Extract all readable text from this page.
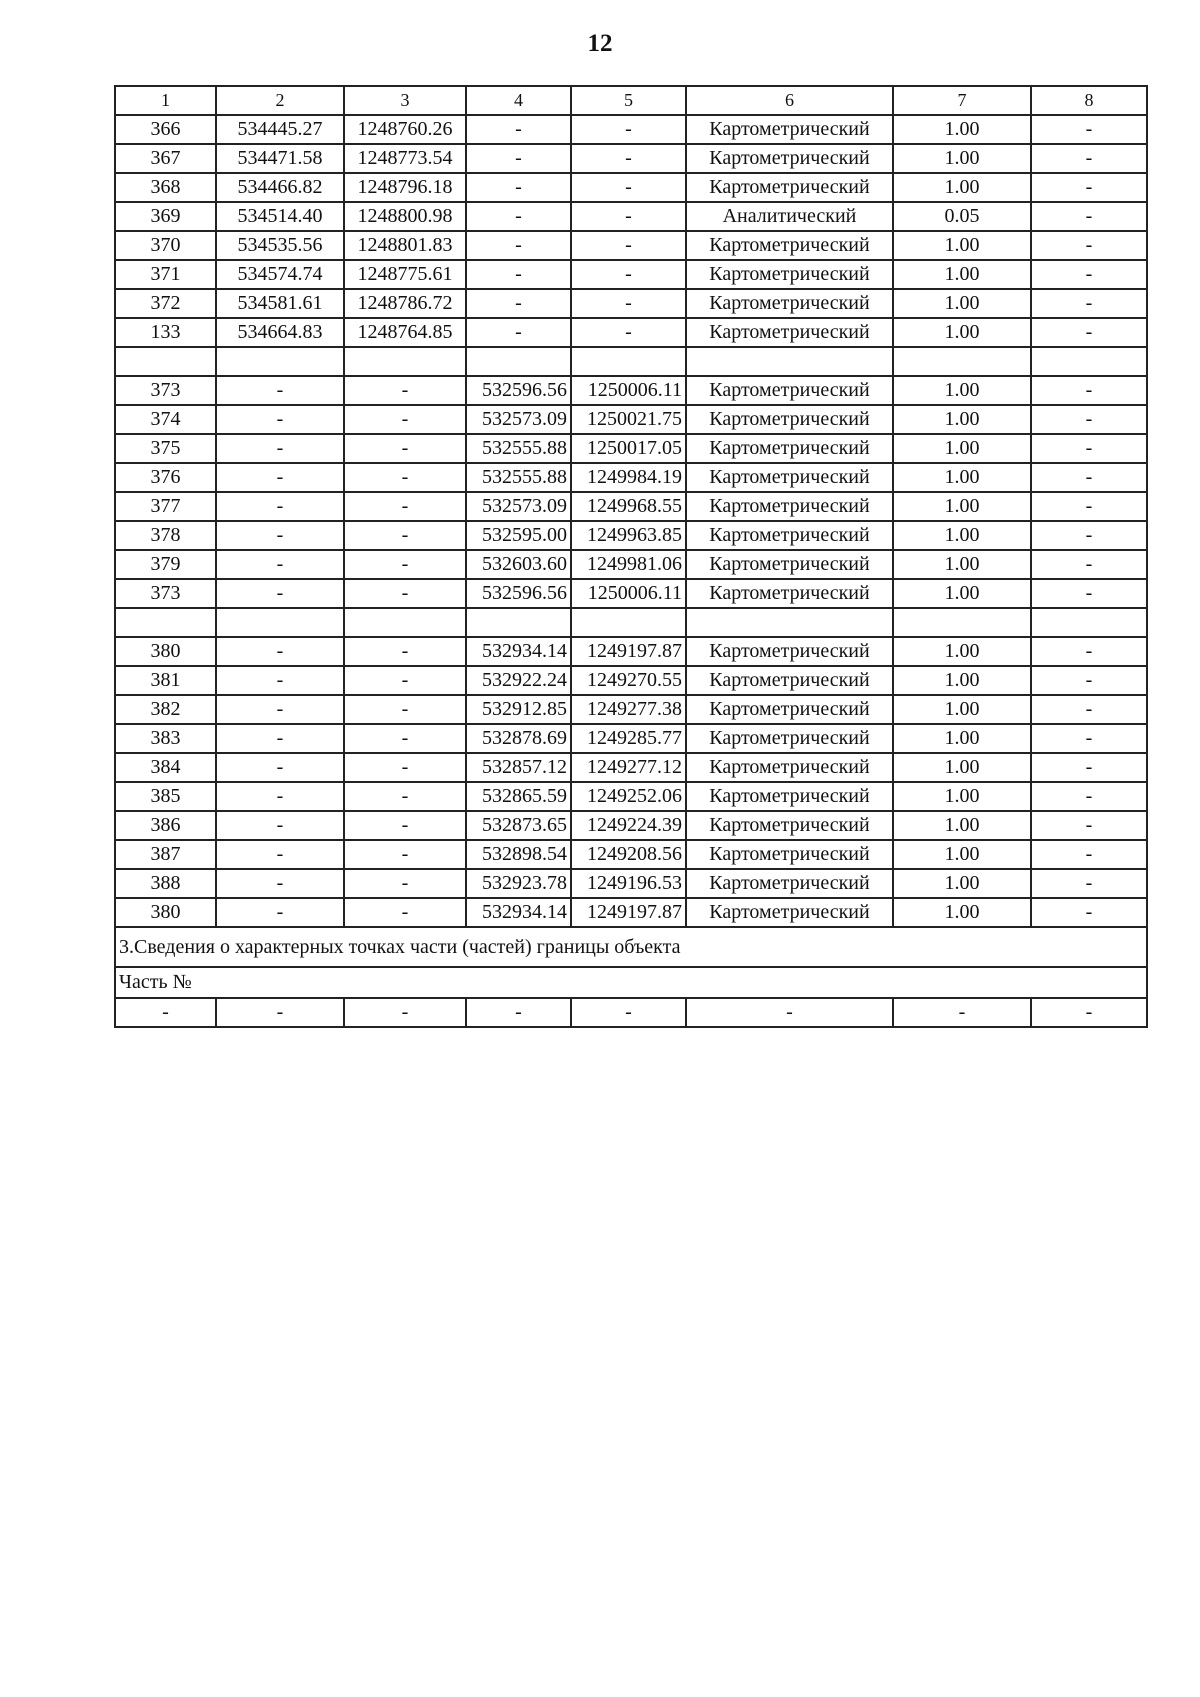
12
1	2	3	4	5	6	7	8
366	534445.27	1248760.26	-	-	Картометрический	1.00	-
367	534471.58	1248773.54	-	-	Картометрический	1.00	-
368	534466.82	1248796.18	-	-	Картометрический	1.00	-
369	534514.40	1248800.98	-	-	Аналитический	0.05	-
370	534535.56	1248801.83	-	-	Картометрический	1.00	-
371	534574.74	1248775.61	-	-	Картометрический	1.00	-
372	534581.61	1248786.72	-	-	Картометрический	1.00	-
133	534664.83	1248764.85	-	-	Картометрический	1.00	-

373	-	-	532596.56	1250006.11	Картометрический	1.00	-
374	-	-	532573.09	1250021.75	Картометрический	1.00	-
375	-	-	532555.88	1250017.05	Картометрический	1.00	-
376	-	-	532555.88	1249984.19	Картометрический	1.00	-
377	-	-	532573.09	1249968.55	Картометрический	1.00	-
378	-	-	532595.00	1249963.85	Картометрический	1.00	-
379	-	-	532603.60	1249981.06	Картометрический	1.00	-
373	-	-	532596.56	1250006.11	Картометрический	1.00	-

380	-	-	532934.14	1249197.87	Картометрический	1.00	-
381	-	-	532922.24	1249270.55	Картометрический	1.00	-
382	-	-	532912.85	1249277.38	Картометрический	1.00	-
383	-	-	532878.69	1249285.77	Картометрический	1.00	-
384	-	-	532857.12	1249277.12	Картометрический	1.00	-
385	-	-	532865.59	1249252.06	Картометрический	1.00	-
386	-	-	532873.65	1249224.39	Картометрический	1.00	-
387	-	-	532898.54	1249208.56	Картометрический	1.00	-
388	-	-	532923.78	1249196.53	Картометрический	1.00	-
380	-	-	532934.14	1249197.87	Картометрический	1.00	-
3.Сведения о характерных точках части (частей) границы объекта							
Часть №							
-	-	-	-	-	-	-	-
